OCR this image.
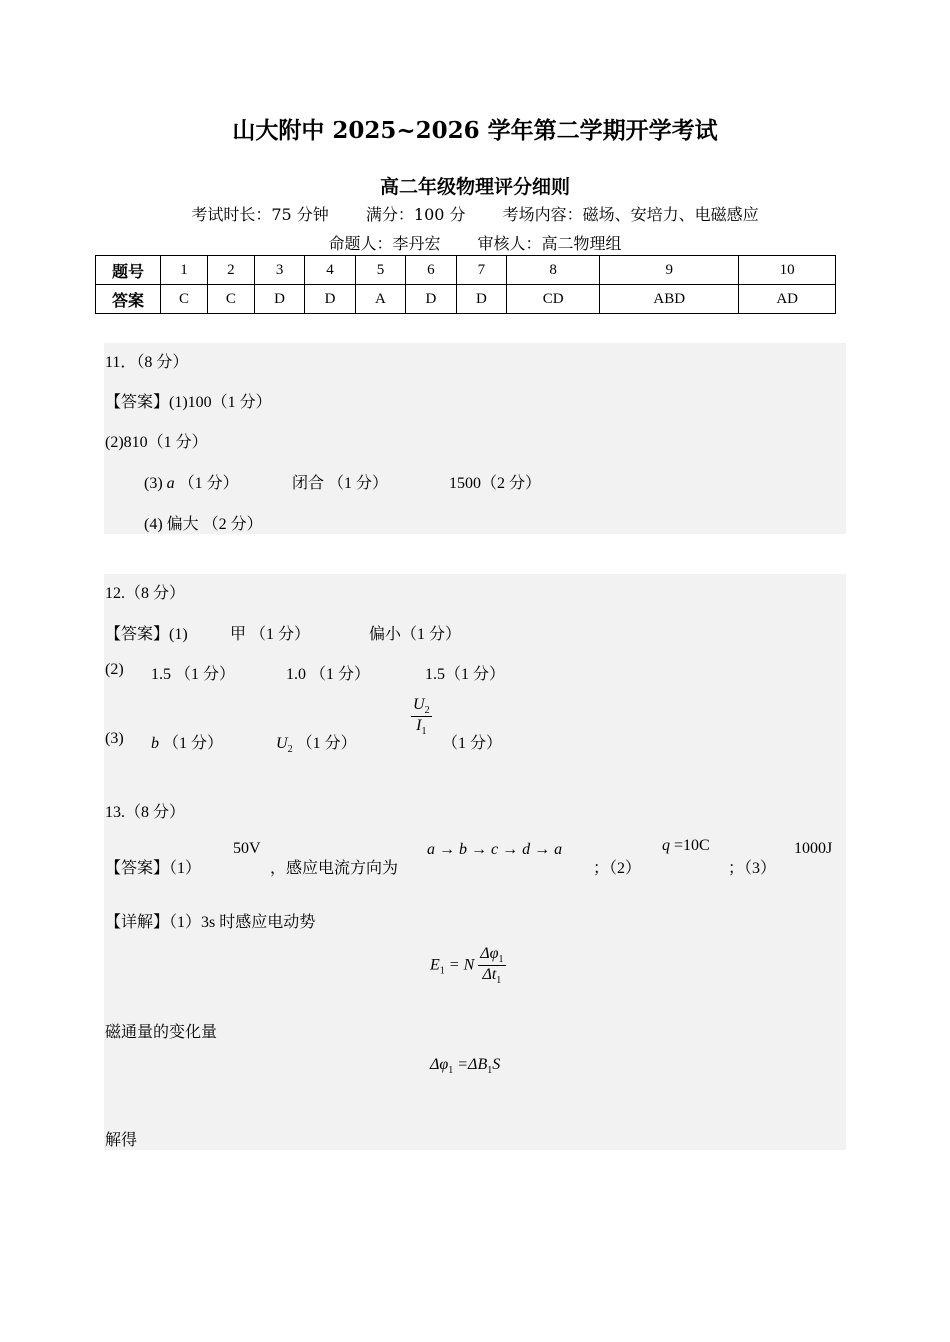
山大附中 2025~2026 学年第二学期开学考试
高二年级物理评分细则
考试时长：75 分钟 满分：100 分 考场内容：磁场、安培力、电磁感应
命题人：李丹宏 审核人：高二物理组
题号	1	2	3	4	5	6	7	8	9	10
答案	C	C	D	D	A	D	D	CD	ABD	AD
11．（8 分）
【答案】(1)100（1 分）
(2)810（1 分）
(3) a （1 分）	闭合 （1 分）	1500（2 分）
(4) 偏大 （2 分）
12.（8 分）
【答案】(1)	甲 （1 分）	偏小（1 分）
(2) 1.5 （1 分）	1.0 （1 分）	1.5（1 分）
(3) b （1 分）	$U_2$ （1 分）
$\frac{U_2}{I_1}$
（1 分）
13.（8 分）
【答案】（1）
50V
，感应电流方向为
a → b → c → d → a
；（2）
q =10C
；（3）
1000J
【详解】（1）3s 时感应电动势
$E_1 = N \frac{\Delta\varphi_1}{\Delta t_1}$
磁通量的变化量
$\Delta\varphi_1 =\Delta B_1S$
解得
